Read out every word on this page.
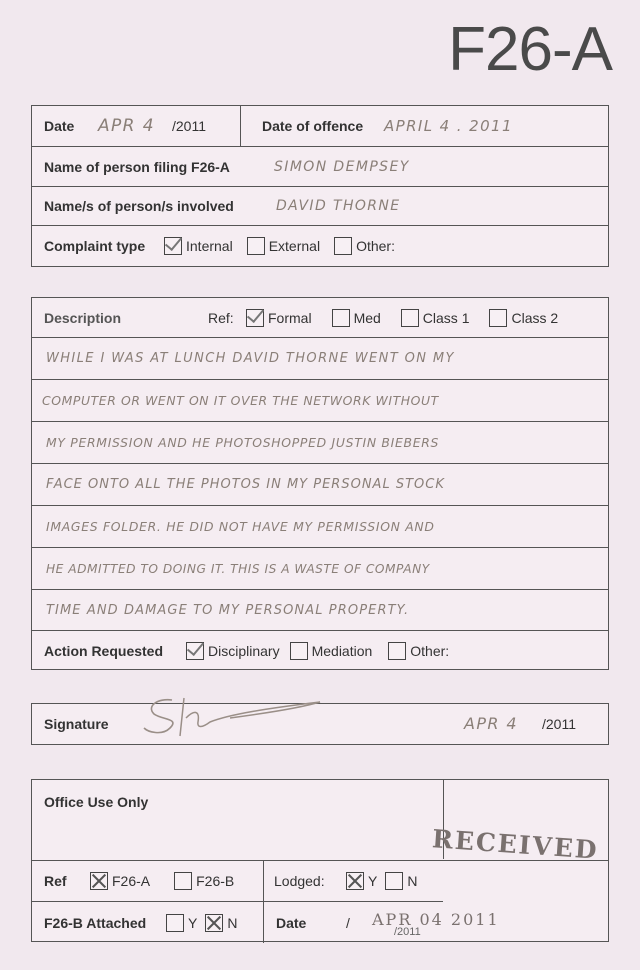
F26-A
Date APR 4 /2011	Date of offence APRIL 4 . 2011
Name of person filing F26-A	SIMON DEMPSEY
Name/s of person/s involved	DAVID THORNE
Complaint type	Internal	External	Other:
Description	Ref: Formal	Med	Class 1	Class 2
WHILE I WAS AT LUNCH DAVID THORNE WENT ON MY
COMPUTER OR WENT ON IT OVER THE NETWORK WITHOUT
MY PERMISSION AND HE PHOTOSHOPPED JUSTIN BIEBERS
FACE ONTO ALL THE PHOTOS IN MY PERSONAL STOCK
IMAGES FOLDER. HE DID NOT HAVE MY PERMISSION AND
HE ADMITTED TO DOING IT. THIS IS A WASTE OF COMPANY
TIME AND DAMAGE TO MY PERSONAL PROPERTY.
Action Requested	Disciplinary Mediation	Other:
Signature	APR 4 /2011
Office Use Only
RECEIVED
Ref	F26-A	F26-B	Lodged:	Y N
F26-B Attached	Y N	Date	/ APR 04 2011
/2011
